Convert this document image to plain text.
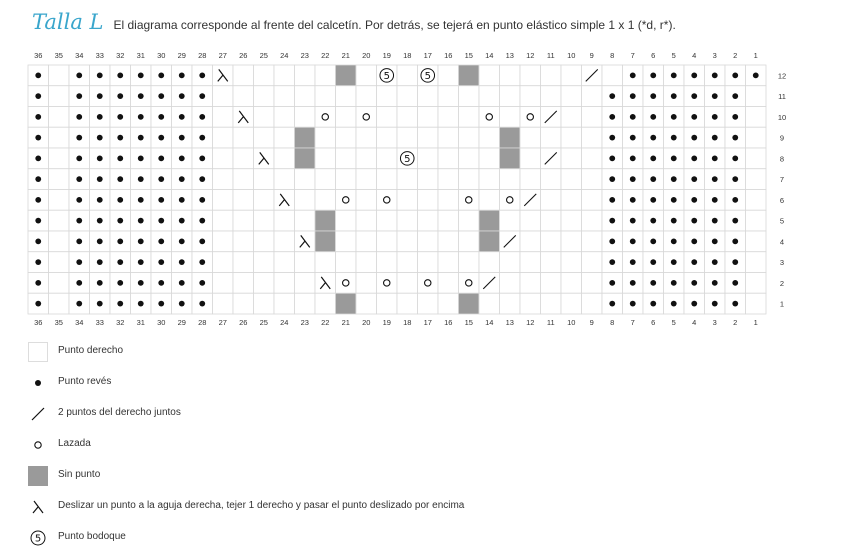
Talla L El diagrama corresponde al frente del calcetín. Por detrás, se tejerá en punto elástico simple 1 x 1 (*d, r*).
5	5
5
36
36
35
35
34
34
33
33
32
32
31
31
30
30
29
29
28
28
27
27
26
26
25
25
24
24
23
23
22
22
21
21
20
20
19
19
18
18
17
17
16
16
15
15
14
14
13
13
12
12
11
11
10
10
9
9
8
8
7
7
6
6
5
5
4
4
3
3
2
2
1
1
12
11
10
9
8
7
6
5
4
3
2
1
Punto derecho
Punto revés
2 puntos del derecho juntos
Lazada
Sin punto
Deslizar un punto a la aguja derecha, tejer 1 derecho y pasar el punto deslizado por encima
5 Punto bodoque
